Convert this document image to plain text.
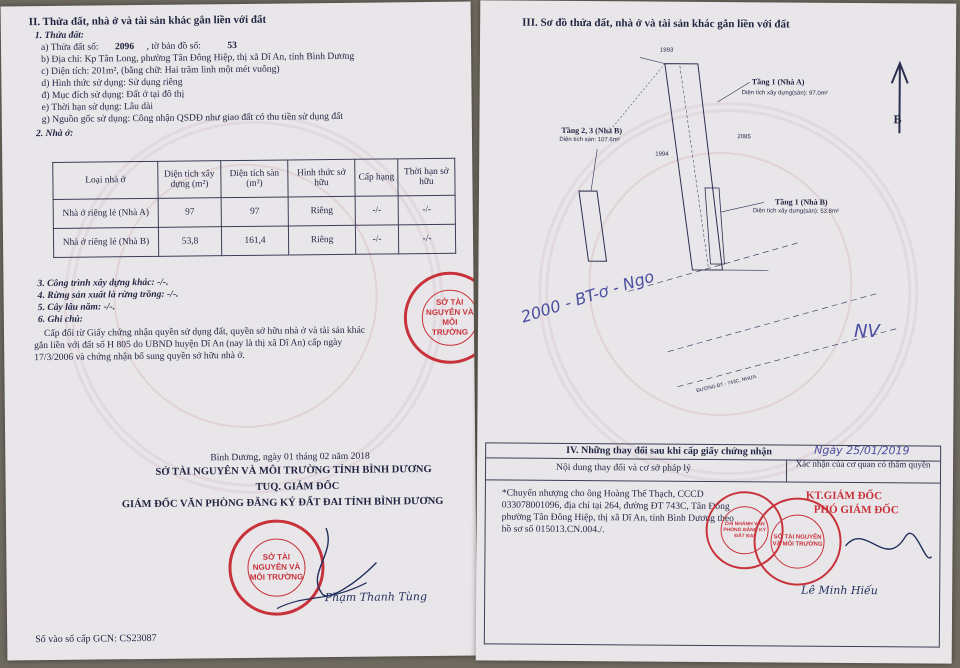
II. Thửa đất, nhà ở và tài sản khác gắn liền với đất
1. Thửa đất:
a) Thửa đất số: 2096 , tờ bản đồ số:	53
b) Địa chỉ: Kp Tân Long, phường Tân Đông Hiệp, thị xã Dĩ An, tỉnh Bình Dương
c) Diện tích: 201m², (bằng chữ: Hai trăm linh một mét vuông)
d) Hình thức sử dụng: Sử dụng riêng
đ) Mục đích sử dụng: Đất ở tại đô thị
e) Thời hạn sử dụng: Lâu dài
g) Nguồn gốc sử dụng: Công nhận QSDĐ như giao đất có thu tiền sử dụng đất
2. Nhà ở:
Loại nhà ở	Diện tích xây dựng (m²)	Diện tích sàn (m²)	Hình thức sở hữu	Cấp hạng	Thời hạn sở hữu
Nhà ở riêng lẻ (Nhà A)	97	97	Riêng	-/-	-/-
Nhà ở riêng lẻ (Nhà B)	53,8	161,4	Riêng	-/-	-/-
3. Công trình xây dựng khác: -/-.
4. Rừng sản xuất là rừng trồng: -/-.
5. Cây lâu năm: -/-.
6. Ghi chú:
Cấp đổi từ Giấy chứng nhận quyền sử dụng đất, quyền sở hữu nhà ở và tài sản khác
gắn liền với đất số H 805 do UBND huyện Dĩ An (nay là thị xã Dĩ An) cấp ngày
17/3/2006 và chứng nhận bổ sung quyền sở hữu nhà ở.
SỞ TÀI NGUYÊN VÀ MÔI TRƯỜNG
Bình Dương, ngày 01 tháng 02 năm 2018
SỞ TÀI NGUYÊN VÀ MÔI TRƯỜNG TỈNH BÌNH DƯƠNG
TUQ. GIÁM ĐỐC
GIÁM ĐỐC VĂN PHÒNG ĐĂNG KÝ ĐẤT ĐAI TỈNH BÌNH DƯƠNG
SỞ TÀI NGUYÊN VÀ MÔI TRƯỜNG
Phạm Thanh Tùng
Số vào sổ cấp GCN: CS23087
III. Sơ đồ thửa đất, nhà ở và tài sản khác gắn liền với đất
1993
1994
2085
Tầng 1 (Nhà A)
Diện tích xây dựng(sàn): 97.0m²
Tầng 2, 3 (Nhà B)
Diện tích sàn: 107.6m²
Tầng 1 (Nhà B)
Diện tích xây dựng(sàn): 53.8m²
B
ĐƯỜNG ĐT - 743C, NHỰA
2000 - BT-ơ - Ngo
NV
IV. Những thay đổi sau khi cấp giấy chứng nhận	Ngày 25/01/2019
Nội dung thay đổi và cơ sở pháp lý	Xác nhận của cơ quan có thẩm quyền
*Chuyển nhượng cho ông Hoàng Thế Thạch, CCCD
033078001096, địa chỉ tại 264, đường ĐT 743C, Tân Đông
phường Tân Đông Hiệp, thị xã Dĩ An, tỉnh Bình Dương theo
hồ sơ số 015013.CN.004./.	CHI NHÁNH VĂN PHÒNG ĐĂNG KÝ ĐẤT ĐAI
KT.GIÁM ĐỐC
PHÓ GIÁM ĐỐC
SỞ TÀI NGUYÊN VÀ MÔI TRƯỜNG
Lê Minh Hiếu
